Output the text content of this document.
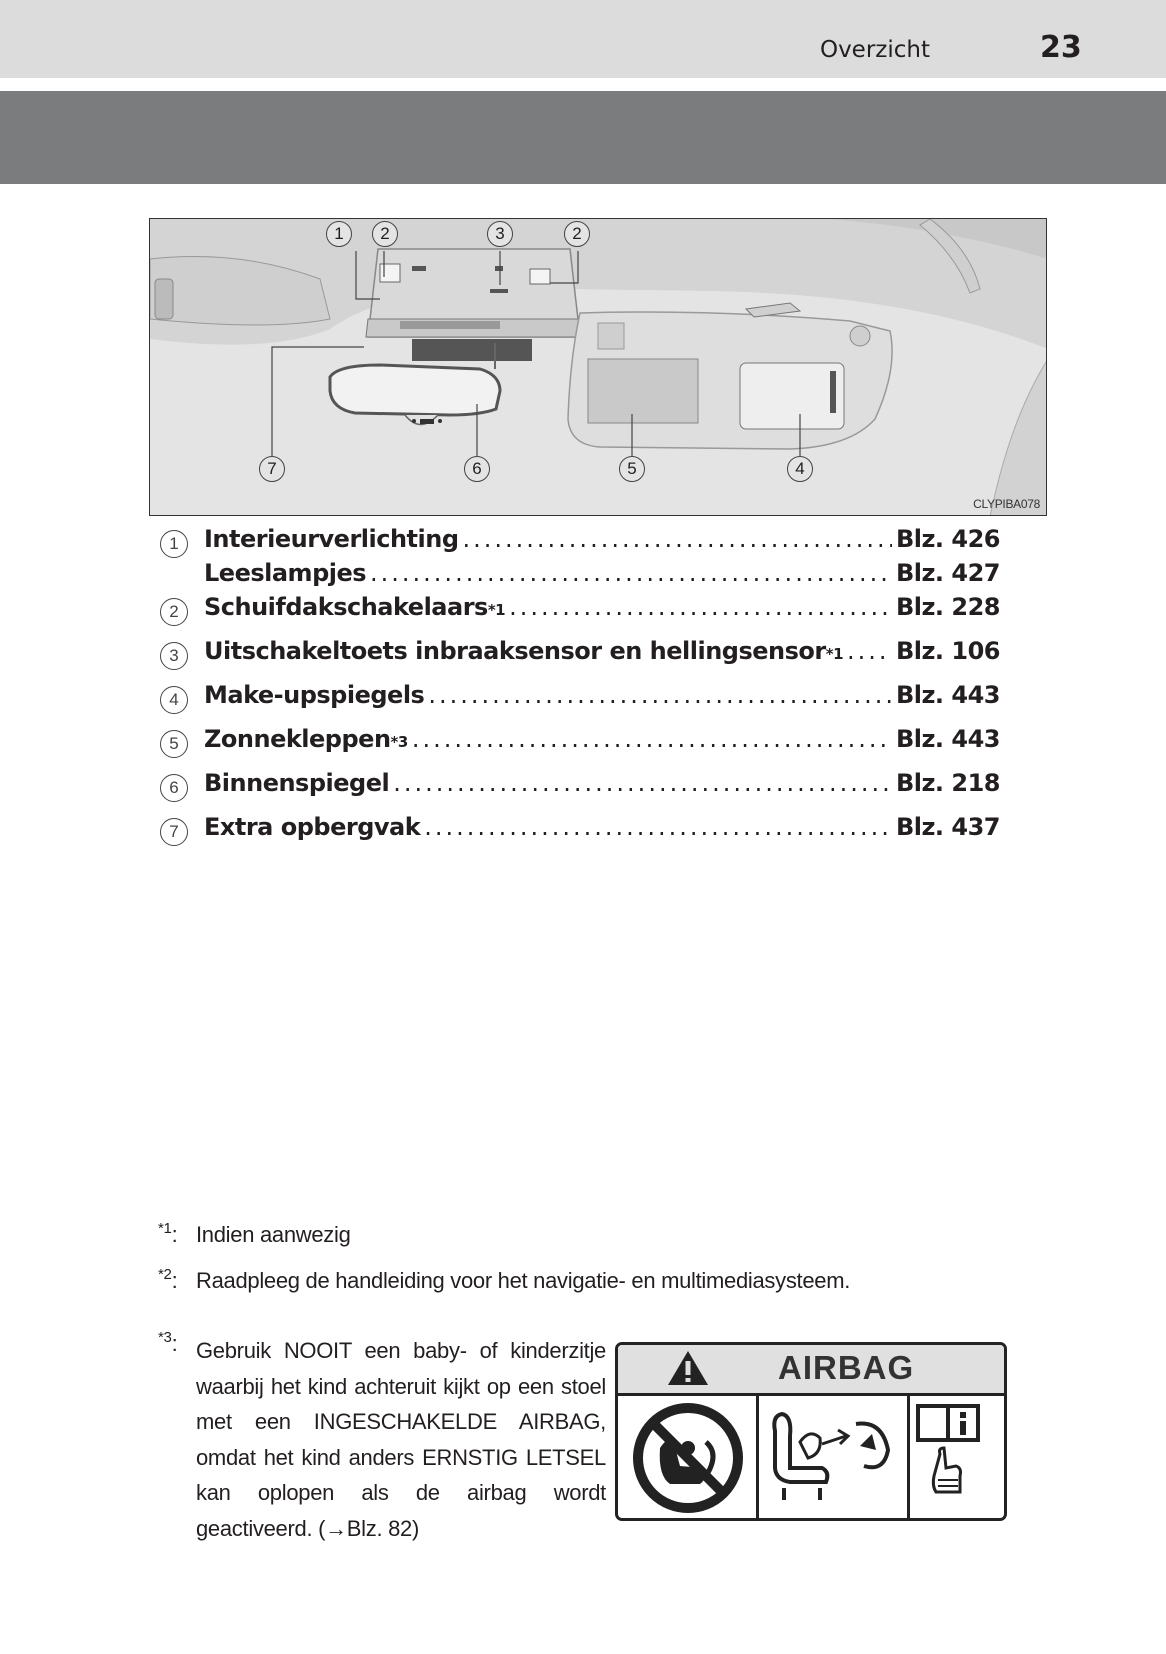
Overzicht	23
1	2	3	2
7	6	5	4
CLYPIBA078
1	Interieurverlichting .....	Blz. 426
Leeslampjes .....	Blz. 427
2	Schuifdakschakelaars *1 .....	Blz. 228
3	Uitschakeltoets inbraaksensor en hellingsensor *1 ..... Blz. 106
4	Make-upspiegels .....	Blz. 443
5	Zonnekleppen *3 .....	Blz. 443
6	Binnenspiegel .....	Blz. 218
7	Extra opbergvak .....	Blz. 437
$^{*1}$: Indien aanwezig
$^{*2}$: Raadpleeg de handleiding voor het navigatie- en multimediasysteem.
$^{*3}$: Gebruik NOOIT een baby- of kinderzitje waarbij het kind achteruit kijkt op een stoel met een INGESCHAKELDE AIRBAG, omdat het kind anders ERNSTIG LETSEL kan oplopen als de airbag wordt geactiveerd. (→Blz. 82)
AIRBAG
